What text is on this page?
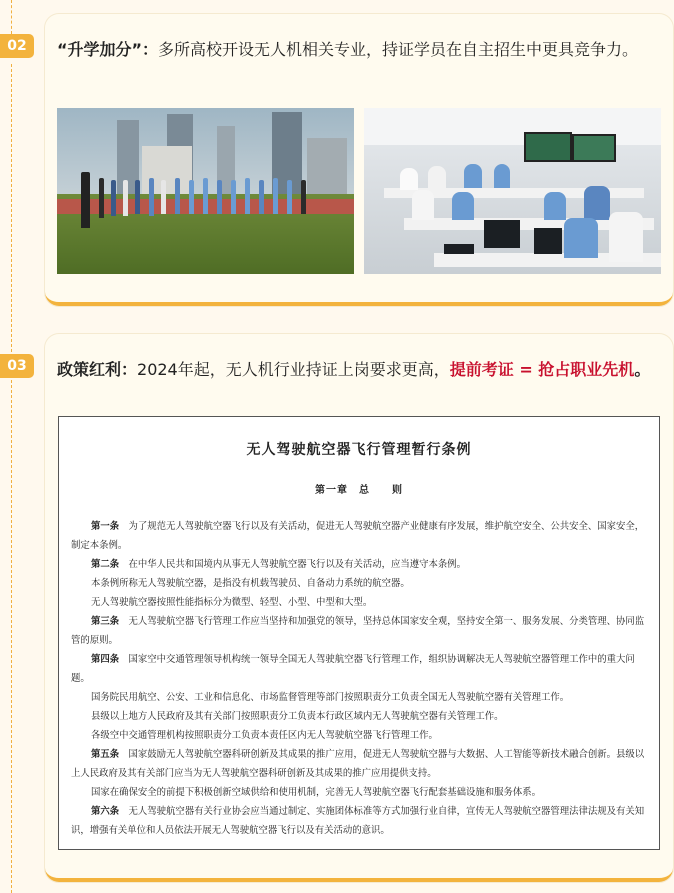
02	“升学加分”：多所高校开设无人机相关专业，持证学员在自主招生中更具竞争力。

03	政策红利：2024年起，无人机行业持证上岗要求更高，提前考证 = 抢占职业先机。

无人驾驶航空器飞行管理暂行条例
第一章　总　　则

第一条　为了规范无人驾驶航空器飞行以及有关活动，促进无人驾驶航空器产业健康有序发展，维护航空安全、公共安全、国家安全，制定本条例。

第二条　在中华人民共和国境内从事无人驾驶航空器飞行以及有关活动，应当遵守本条例。

本条例所称无人驾驶航空器，是指没有机载驾驶员、自备动力系统的航空器。

无人驾驶航空器按照性能指标分为微型、轻型、小型、中型和大型。

第三条　无人驾驶航空器飞行管理工作应当坚持和加强党的领导，坚持总体国家安全观，坚持安全第一、服务发展、分类管理、协同监管的原则。

第四条　国家空中交通管理领导机构统一领导全国无人驾驶航空器飞行管理工作，组织协调解决无人驾驶航空器管理工作中的重大问题。

国务院民用航空、公安、工业和信息化、市场监督管理等部门按照职责分工负责全国无人驾驶航空器有关管理工作。

县级以上地方人民政府及其有关部门按照职责分工负责本行政区域内无人驾驶航空器有关管理工作。

各级空中交通管理机构按照职责分工负责本责任区内无人驾驶航空器飞行管理工作。

第五条　国家鼓励无人驾驶航空器科研创新及其成果的推广应用，促进无人驾驶航空器与大数据、人工智能等新技术融合创新。县级以上人民政府及其有关部门应当为无人驾驶航空器科研创新及其成果的推广应用提供支持。

国家在确保安全的前提下积极创新空域供给和使用机制，完善无人驾驶航空器飞行配套基础设施和服务体系。

第六条　无人驾驶航空器有关行业协会应当通过制定、实施团体标准等方式加强行业自律，宣传无人驾驶航空器管理法律法规及有关知识，增强有关单位和人员依法开展无人驾驶航空器飞行以及有关活动的意识。
